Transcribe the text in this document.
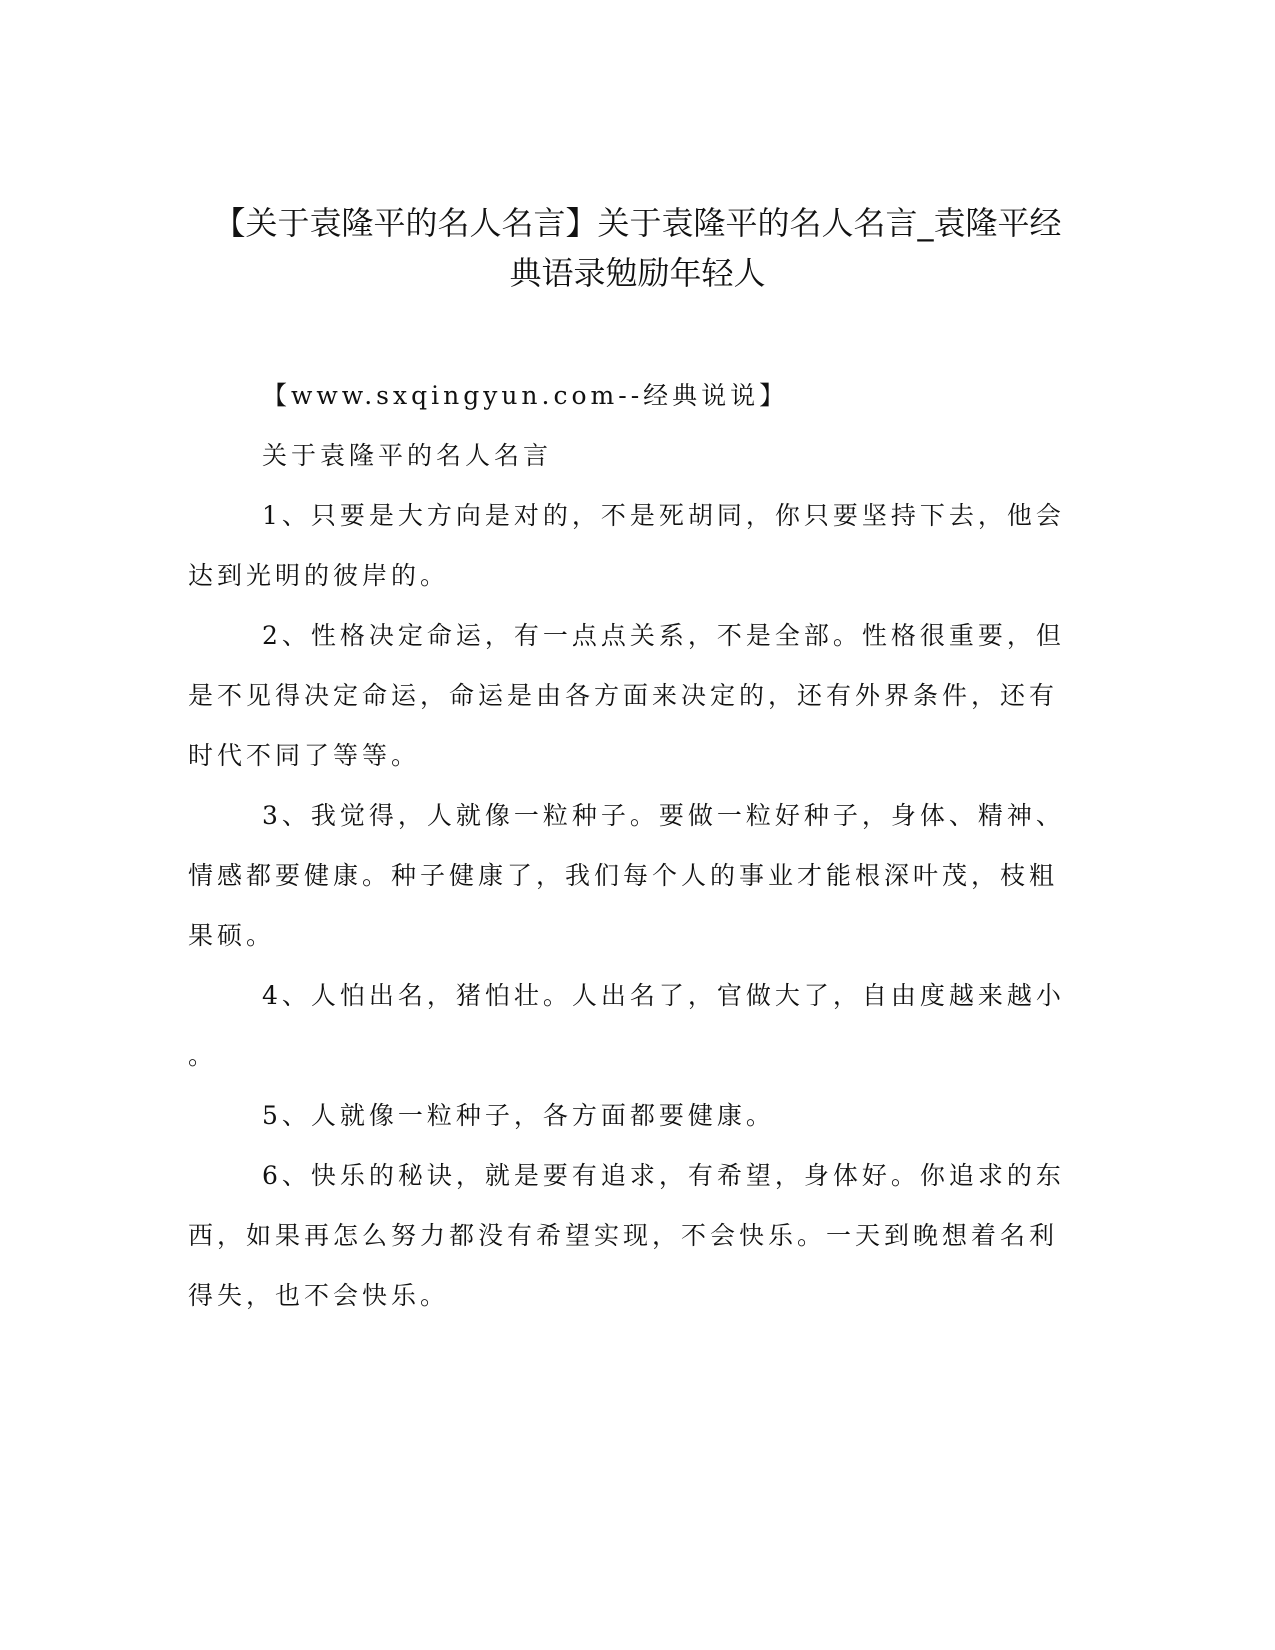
【关于袁隆平的名人名言】关于袁隆平的名人名言_袁隆平经
典语录勉励年轻人

【www.sxqingyun.com--经典说说】

关于袁隆平的名人名言

1、只要是大方向是对的，不是死胡同，你只要坚持下去，他会
达到光明的彼岸的。

2、性格决定命运，有一点点关系，不是全部。性格很重要，但
是不见得决定命运，命运是由各方面来决定的，还有外界条件，还有
时代不同了等等。

3、我觉得，人就像一粒种子。要做一粒好种子，身体、精神、
情感都要健康。种子健康了，我们每个人的事业才能根深叶茂，枝粗
果硕。

4、人怕出名，猪怕壮。人出名了，官做大了，自由度越来越小
。

5、人就像一粒种子，各方面都要健康。

6、快乐的秘诀，就是要有追求，有希望，身体好。你追求的东
西，如果再怎么努力都没有希望实现，不会快乐。一天到晚想着名利
得失，也不会快乐。
